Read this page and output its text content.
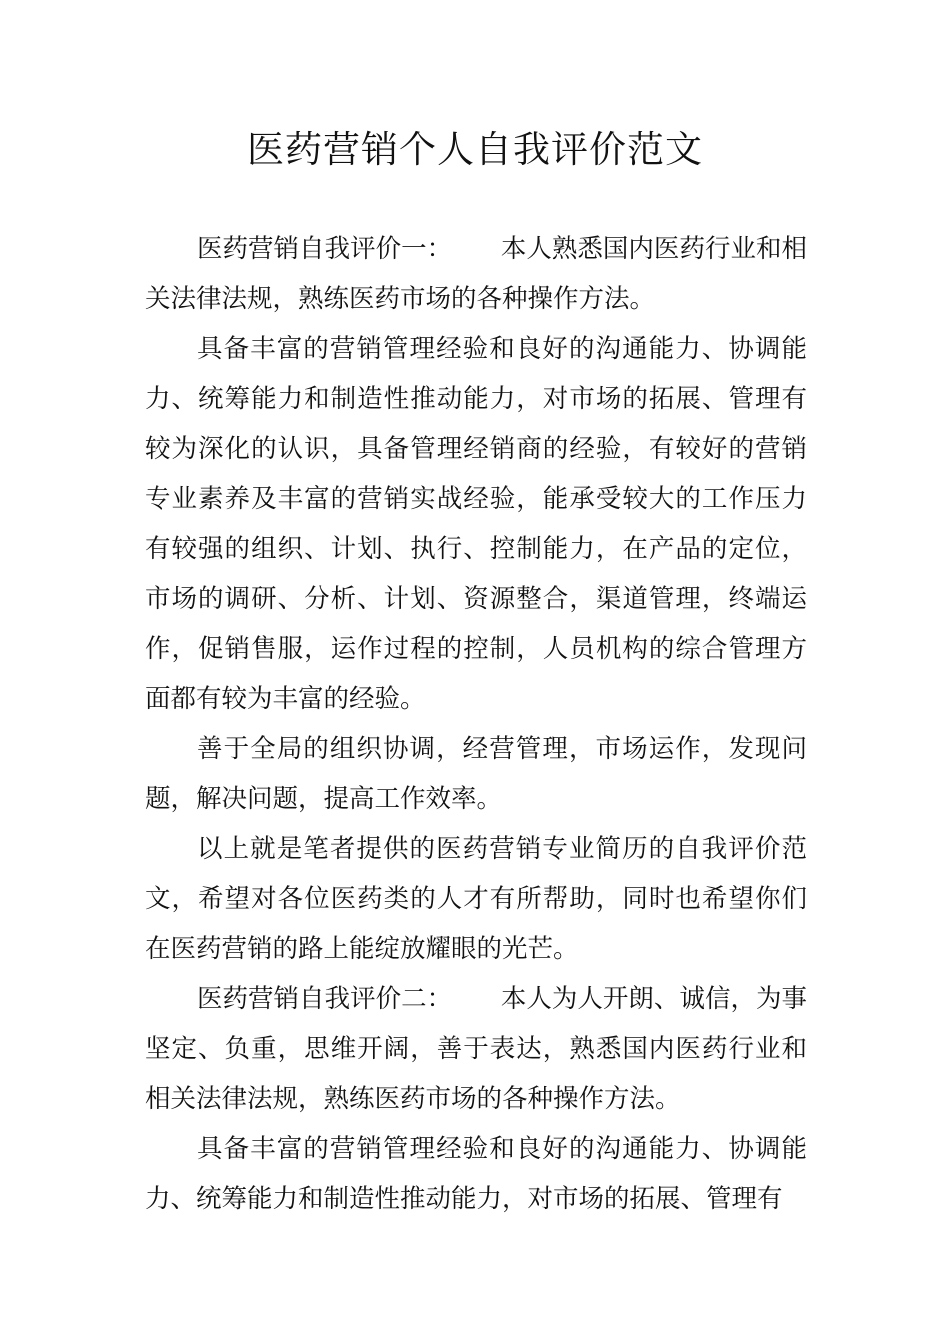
医药营销个人自我评价范文

医药营销自我评价一：      本人熟悉国内医药行业和相关法律法规，熟练医药市场的各种操作方法。

具备丰富的营销管理经验和良好的沟通能力、协调能力、统筹能力和制造性推动能力，对市场的拓展、管理有较为深化的认识，具备管理经销商的经验，有较好的营销专业素养及丰富的营销实战经验，能承受较大的工作压力有较强的组织、计划、执行、控制能力，在产品的定位，市场的调研、分析、计划、资源整合，渠道管理，终端运作，促销售服，运作过程的控制，人员机构的综合管理方面都有较为丰富的经验。

善于全局的组织协调，经营管理，市场运作，发现问题，解决问题，提高工作效率。

以上就是笔者提供的医药营销专业简历的自我评价范文，希望对各位医药类的人才有所帮助，同时也希望你们在医药营销的路上能绽放耀眼的光芒。

医药营销自我评价二：      本人为人开朗、诚信，为事坚定、负重，思维开阔，善于表达，熟悉国内医药行业和相关法律法规，熟练医药市场的各种操作方法。

具备丰富的营销管理经验和良好的沟通能力、协调能力、统筹能力和制造性推动能力，对市场的拓展、管理有
